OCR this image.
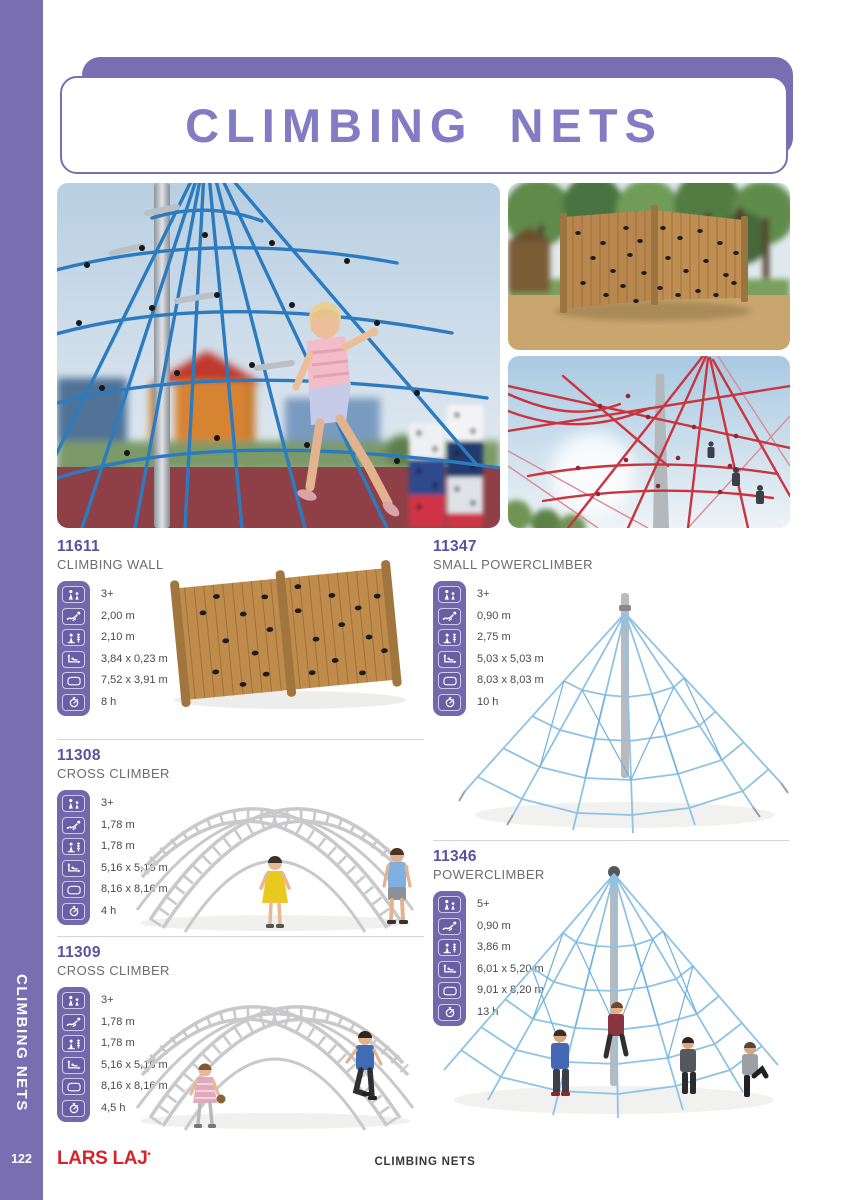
CLIMBING NETS
122
CLIMBING NETS
11611
CLIMBING WALL
3+
2,00 m
2,10 m
3,84 x 0,23 m
7,52 x 3,91 m
8 h
11347
SMALL POWERCLIMBER
3+
0,90 m
2,75 m
5,03 x 5,03 m
8,03 x 8,03 m
10 h
11308
CROSS CLIMBER
3+
1,78 m
1,78 m
5,16 x 5,16 m
8,16 x 8,16 m
4 h
11346
POWERCLIMBER
5+
0,90 m
3,86 m
6,01 x 5,20 m
9,01 x 8,20 m
13 h
11309
CROSS CLIMBER
3+
1,78 m
1,78 m
5,16 x 5,16 m
8,16 x 8,16 m
4,5 h
LARS LAJ•
CLIMBING NETS
